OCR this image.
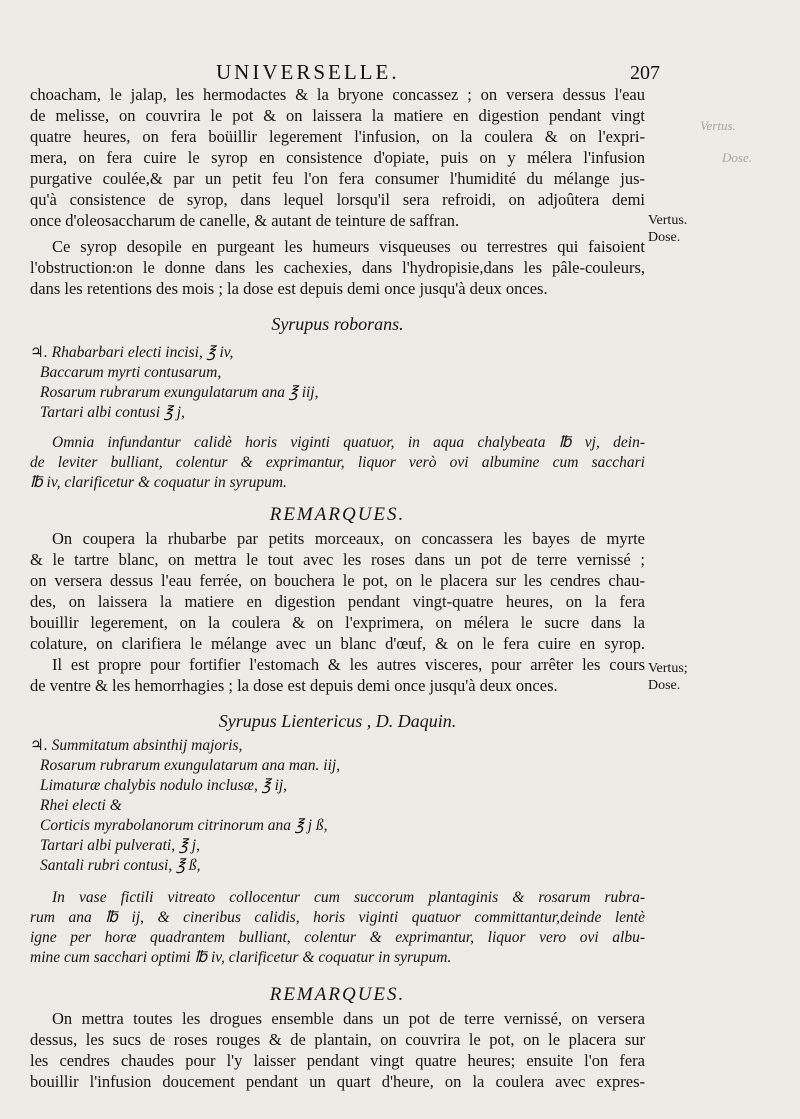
Vertus.
Dose.
UNIVERSELLE.	207
choacham, le jalap, les hermodactes & la bryone concassez ; on versera dessus l'eau
de melisse, on couvrira le pot & on laissera la matiere en digestion pendant vingt
quatre heures, on fera boüillir legerement l'infusion, on la coulera & on l'expri-
mera, on fera cuire le syrop en consistence d'opiate, puis on y mélera l'infusion
purgative coulée,& par un petit feu l'on fera consumer l'humidité du mélange jus-
qu'à consistence de syrop, dans lequel lorsqu'il sera refroidi, on adjoûtera demi
once d'oleosaccharum de canelle, & autant de teinture de saffran.	Vertus.
Dose.
Ce syrop desopile en purgeant les humeurs visqueuses ou terrestres qui faisoient
l'obstruction:on le donne dans les cachexies, dans l'hydropisie,dans les pâle-couleurs,
dans les retentions des mois ; la dose est depuis demi once jusqu'à deux onces.
Syrupus roborans.
♃. Rhabarbari electi incisi, ℥ iv,
Baccarum myrti contusarum,
Rosarum rubrarum exungulatarum ana ℥ iij,
Tartari albi contusi ℥ j,
Omnia infundantur calidè horis viginti quatuor, in aqua chalybeata ℔ vj, dein-
de leviter bulliant, colentur & exprimantur, liquor verò ovi albumine cum sacchari
℔ iv, clarificetur & coquatur in syrupum.
REMARQUES.
On coupera la rhubarbe par petits morceaux, on concassera les bayes de myrte
& le tartre blanc, on mettra le tout avec les roses dans un pot de terre vernissé ;
on versera dessus l'eau ferrée, on bouchera le pot, on le placera sur les cendres chau-
des, on laissera la matiere en digestion pendant vingt-quatre heures, on la fera
bouillir legerement, on la coulera & on l'exprimera, on mélera le sucre dans la
colature, on clarifiera le mélange avec un blanc d'œuf, & on le fera cuire en syrop.
Il est propre pour fortifier l'estomach & les autres visceres, pour arrêter les cours
de ventre & les hemorrhagies ; la dose est depuis demi once jusqu'à deux onces.
Vertus;
Dose.
Syrupus Lientericus , D. Daquin.
♃. Summitatum absinthij majoris,
Rosarum rubrarum exungulatarum ana man. iij,
Limaturæ chalybis nodulo inclusæ, ℥ ij,
Rhei electi &
Corticis myrabolanorum citrinorum ana ℥ j ß,
Tartari albi pulverati, ℥ j,
Santali rubri contusi, ℥ ß,
In vase fictili vitreato collocentur cum succorum plantaginis & rosarum rubra-
rum ana ℔ ij, & cineribus calidis, horis viginti quatuor committantur,deinde lentè
igne per horæ quadrantem bulliant, colentur & exprimantur, liquor vero ovi albu-
mine cum sacchari optimi ℔ iv, clarificetur & coquatur in syrupum.
REMARQUES.
On mettra toutes les drogues ensemble dans un pot de terre vernissé, on versera
dessus, les sucs de roses rouges & de plantain, on couvrira le pot, on le placera sur
les cendres chaudes pour l'y laisser pendant vingt quatre heures; ensuite l'on fera
bouillir l'infusion doucement pendant un quart d'heure, on la coulera avec expres-
